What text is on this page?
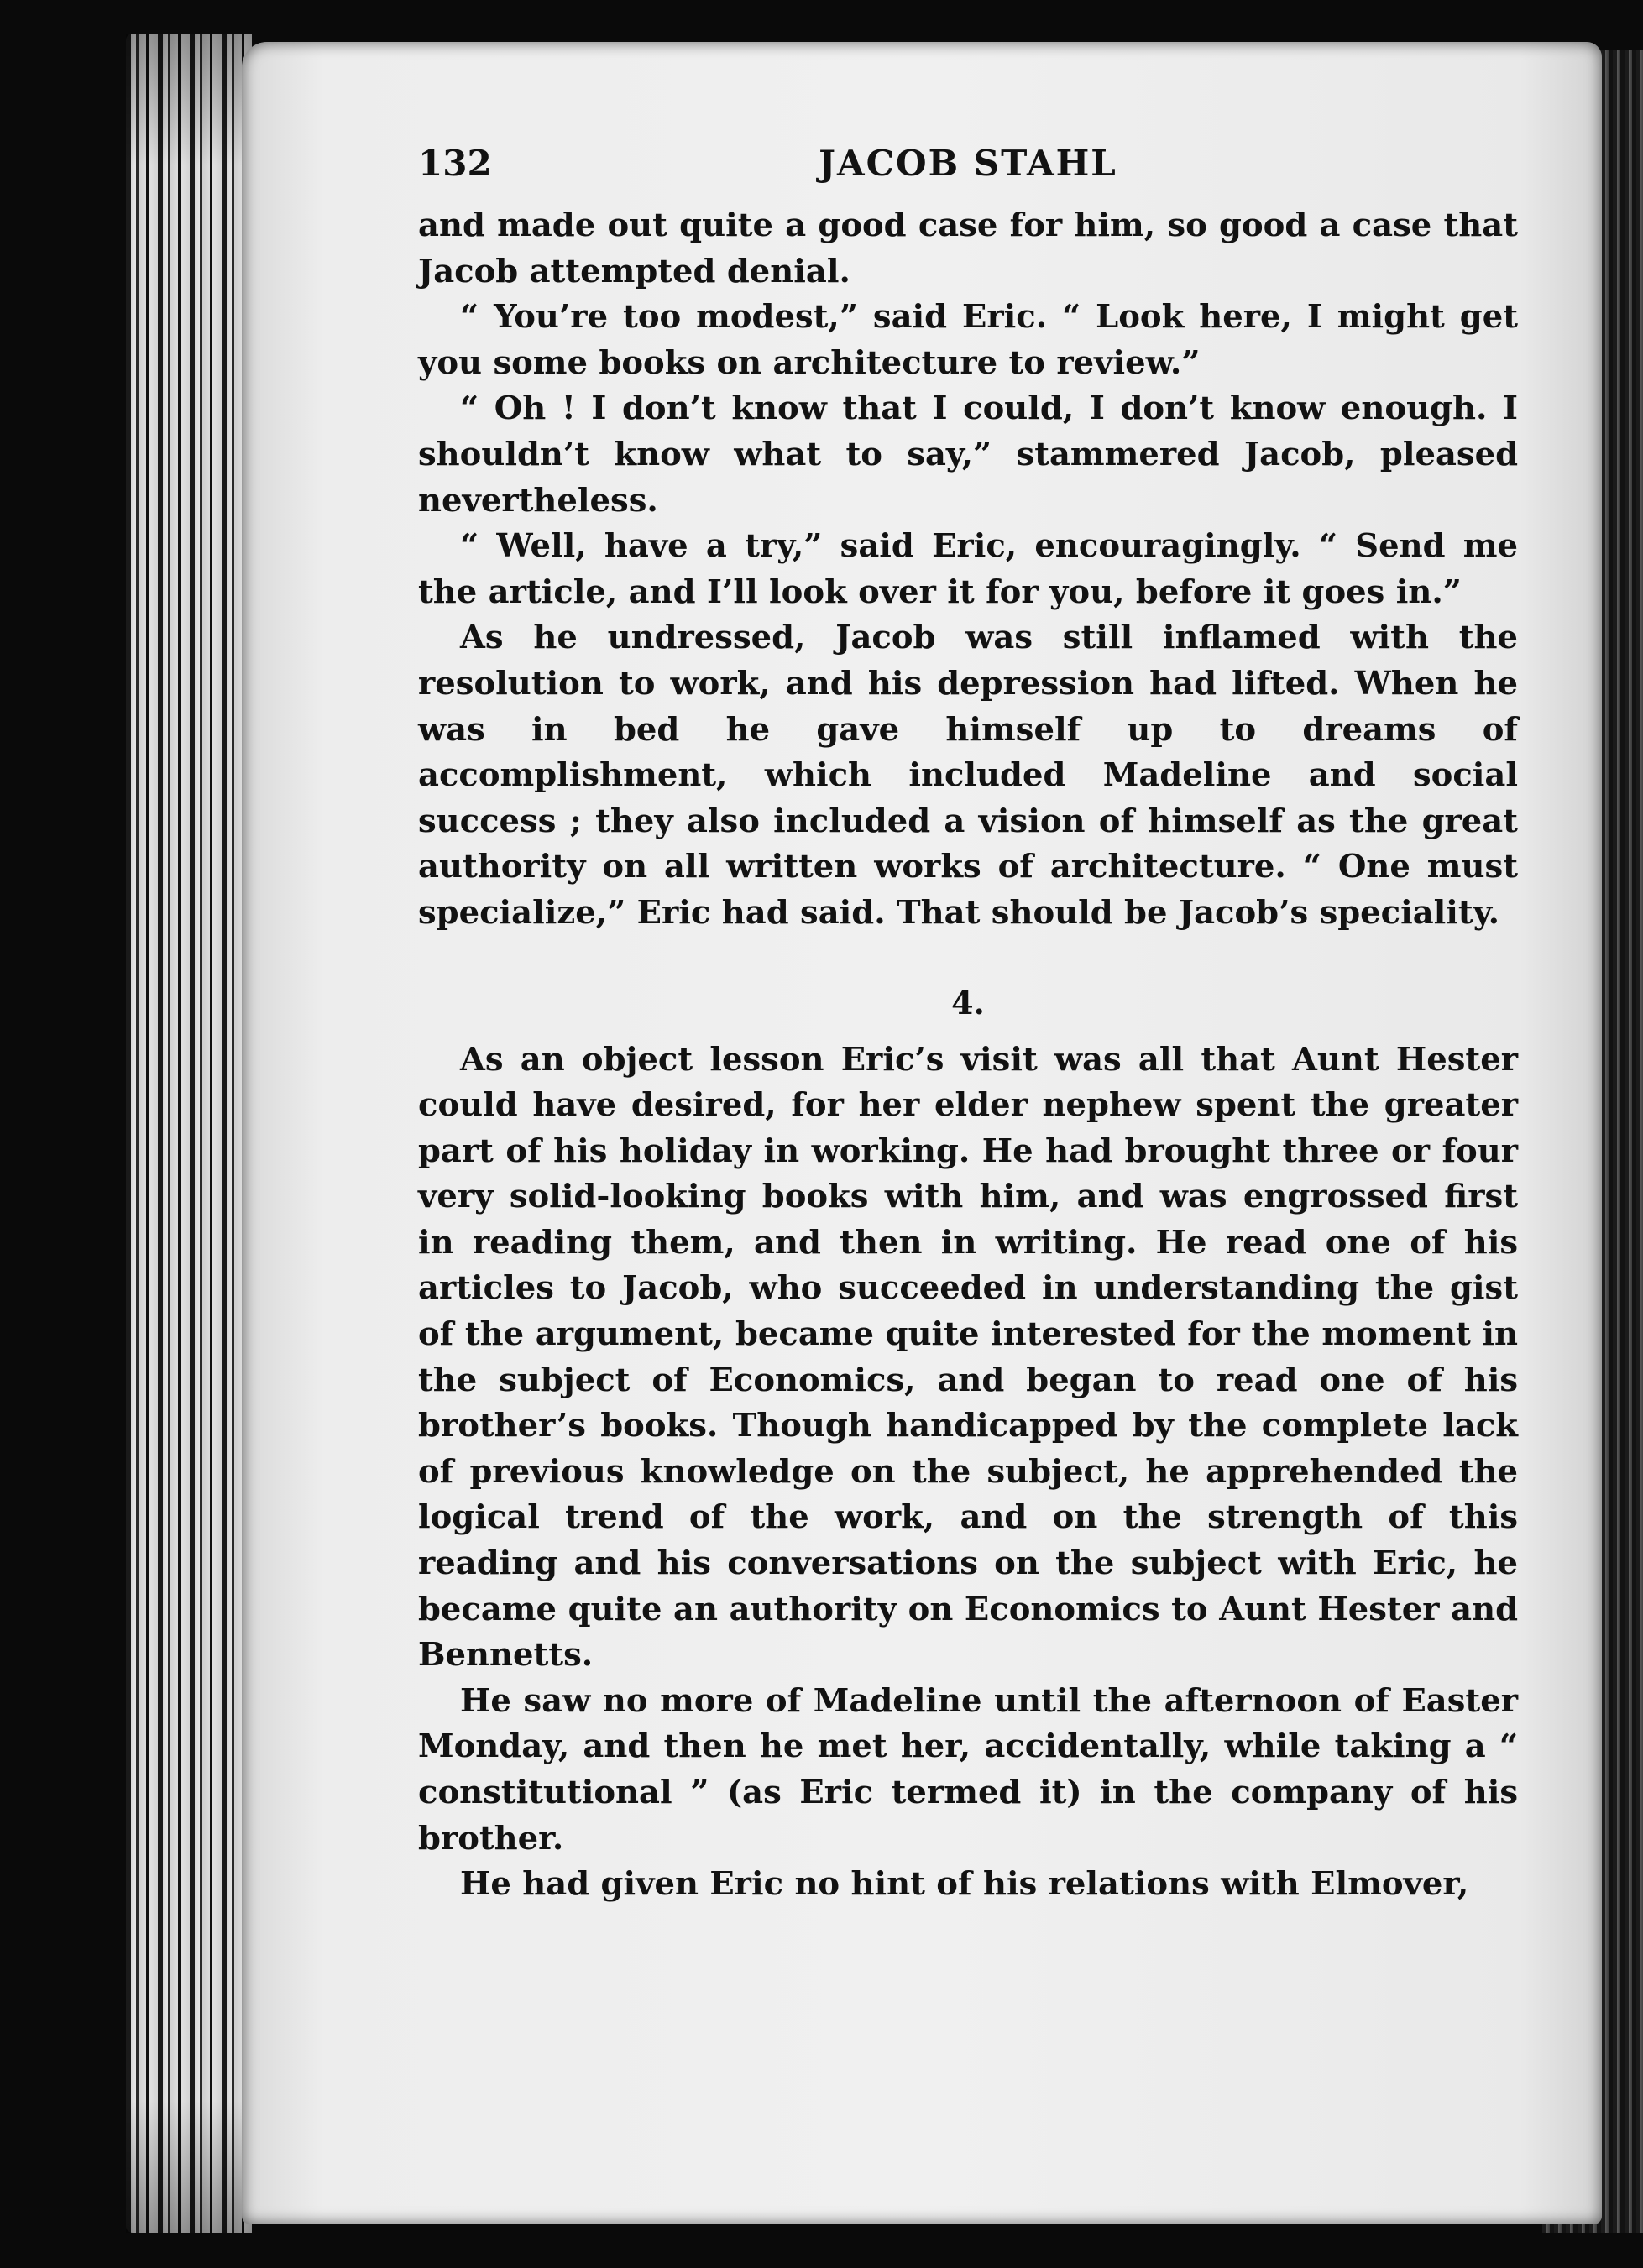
132	JACOB STAHL

and made out quite a good case for him, so good a case that Jacob attempted denial.

“ You’re too modest,” said Eric. “ Look here, I might get you some books on architecture to review.”

“ Oh ! I don’t know that I could, I don’t know enough. I shouldn’t know what to say,” stammered Jacob, pleased nevertheless.

“ Well, have a try,” said Eric, encouragingly. “ Send me the article, and I’ll look over it for you, before it goes in.”

As he undressed, Jacob was still inflamed with the resolution to work, and his depression had lifted. When he was in bed he gave himself up to dreams of accomplishment, which included Madeline and social success ; they also included a vision of himself as the great authority on all written works of architecture. “ One must specialize,” Eric had said. That should be Jacob’s speciality.

4.

As an object lesson Eric’s visit was all that Aunt Hester could have desired, for her elder nephew spent the greater part of his holiday in working. He had brought three or four very solid-looking books with him, and was engrossed first in reading them, and then in writing. He read one of his articles to Jacob, who succeeded in understanding the gist of the argument, became quite interested for the moment in the subject of Economics, and began to read one of his brother’s books. Though handicapped by the complete lack of previous knowledge on the subject, he apprehended the logical trend of the work, and on the strength of this reading and his conversations on the subject with Eric, he became quite an authority on Economics to Aunt Hester and Bennetts.

He saw no more of Madeline until the afternoon of Easter Monday, and then he met her, accidentally, while taking a “ constitutional ” (as Eric termed it) in the company of his brother.

He had given Eric no hint of his relations with Elmover,
